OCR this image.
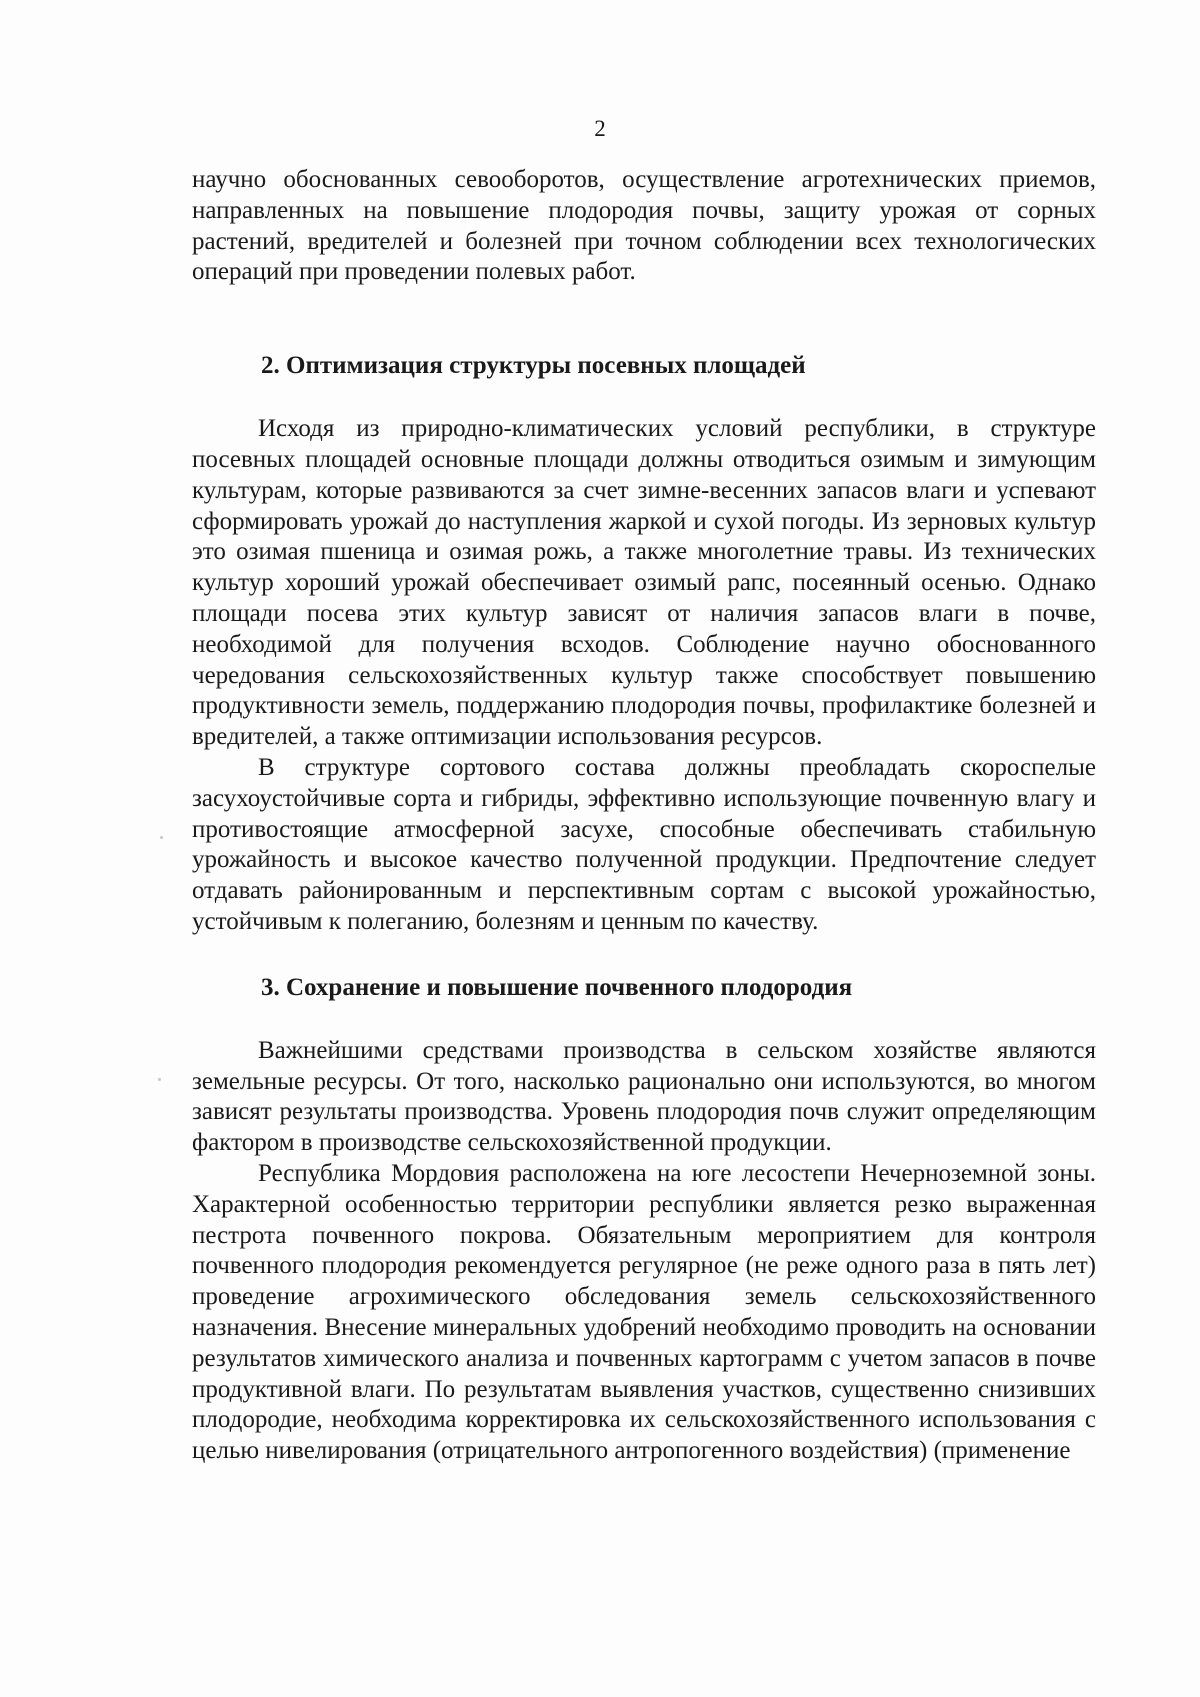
2

научно обоснованных севооборотов, осуществление агротехнических приемов, направленных на повышение плодородия почвы, защиту урожая от сорных растений, вредителей и болезней при точном соблюдении всех технологических операций при проведении полевых работ.

2. Оптимизация структуры посевных площадей

Исходя из природно-климатических условий республики, в структуре посевных площадей основные площади должны отводиться озимым и зимующим культурам, которые развиваются за счет зимне-весенних запасов влаги и успевают сформировать урожай до наступления жаркой и сухой погоды. Из зерновых культур это озимая пшеница и озимая рожь, а также многолетние травы. Из технических культур хороший урожай обеспечивает озимый рапс, посеянный осенью. Однако площади посева этих культур зависят от наличия запасов влаги в почве, необходимой для получения всходов. Соблюдение научно обоснованного чередования сельскохозяйственных культур также способствует повышению продуктивности земель, поддержанию плодородия почвы, профилактике болезней и вредителей, а также оптимизации использования ресурсов.

В структуре сортового состава должны преобладать скороспелые засухоустойчивые сорта и гибриды, эффективно использующие почвенную влагу и противостоящие атмосферной засухе, способные обеспечивать стабильную урожайность и высокое качество полученной продукции. Предпочтение следует отдавать районированным и перспективным сортам с высокой урожайностью, устойчивым к полеганию, болезням и ценным по качеству.

3. Сохранение и повышение почвенного плодородия

Важнейшими средствами производства в сельском хозяйстве являются земельные ресурсы. От того, насколько рационально они используются, во многом зависят результаты производства. Уровень плодородия почв служит определяющим фактором в производстве сельскохозяйственной продукции.

Республика Мордовия расположена на юге лесостепи Нечерноземной зоны. Характерной особенностью территории республики является резко выраженная пестрота почвенного покрова. Обязательным мероприятием для контроля почвенного плодородия рекомендуется регулярное (не реже одного раза в пять лет) проведение агрохимического обследования земель сельскохозяйственного назначения. Внесение минеральных удобрений необходимо проводить на основании результатов химического анализа и почвенных картограмм с учетом запасов в почве продуктивной влаги. По результатам выявления участков, существенно снизивших плодородие, необходима корректировка их сельскохозяйственного использования с целью нивелирования (отрицательного антропогенного воздействия) (применение
